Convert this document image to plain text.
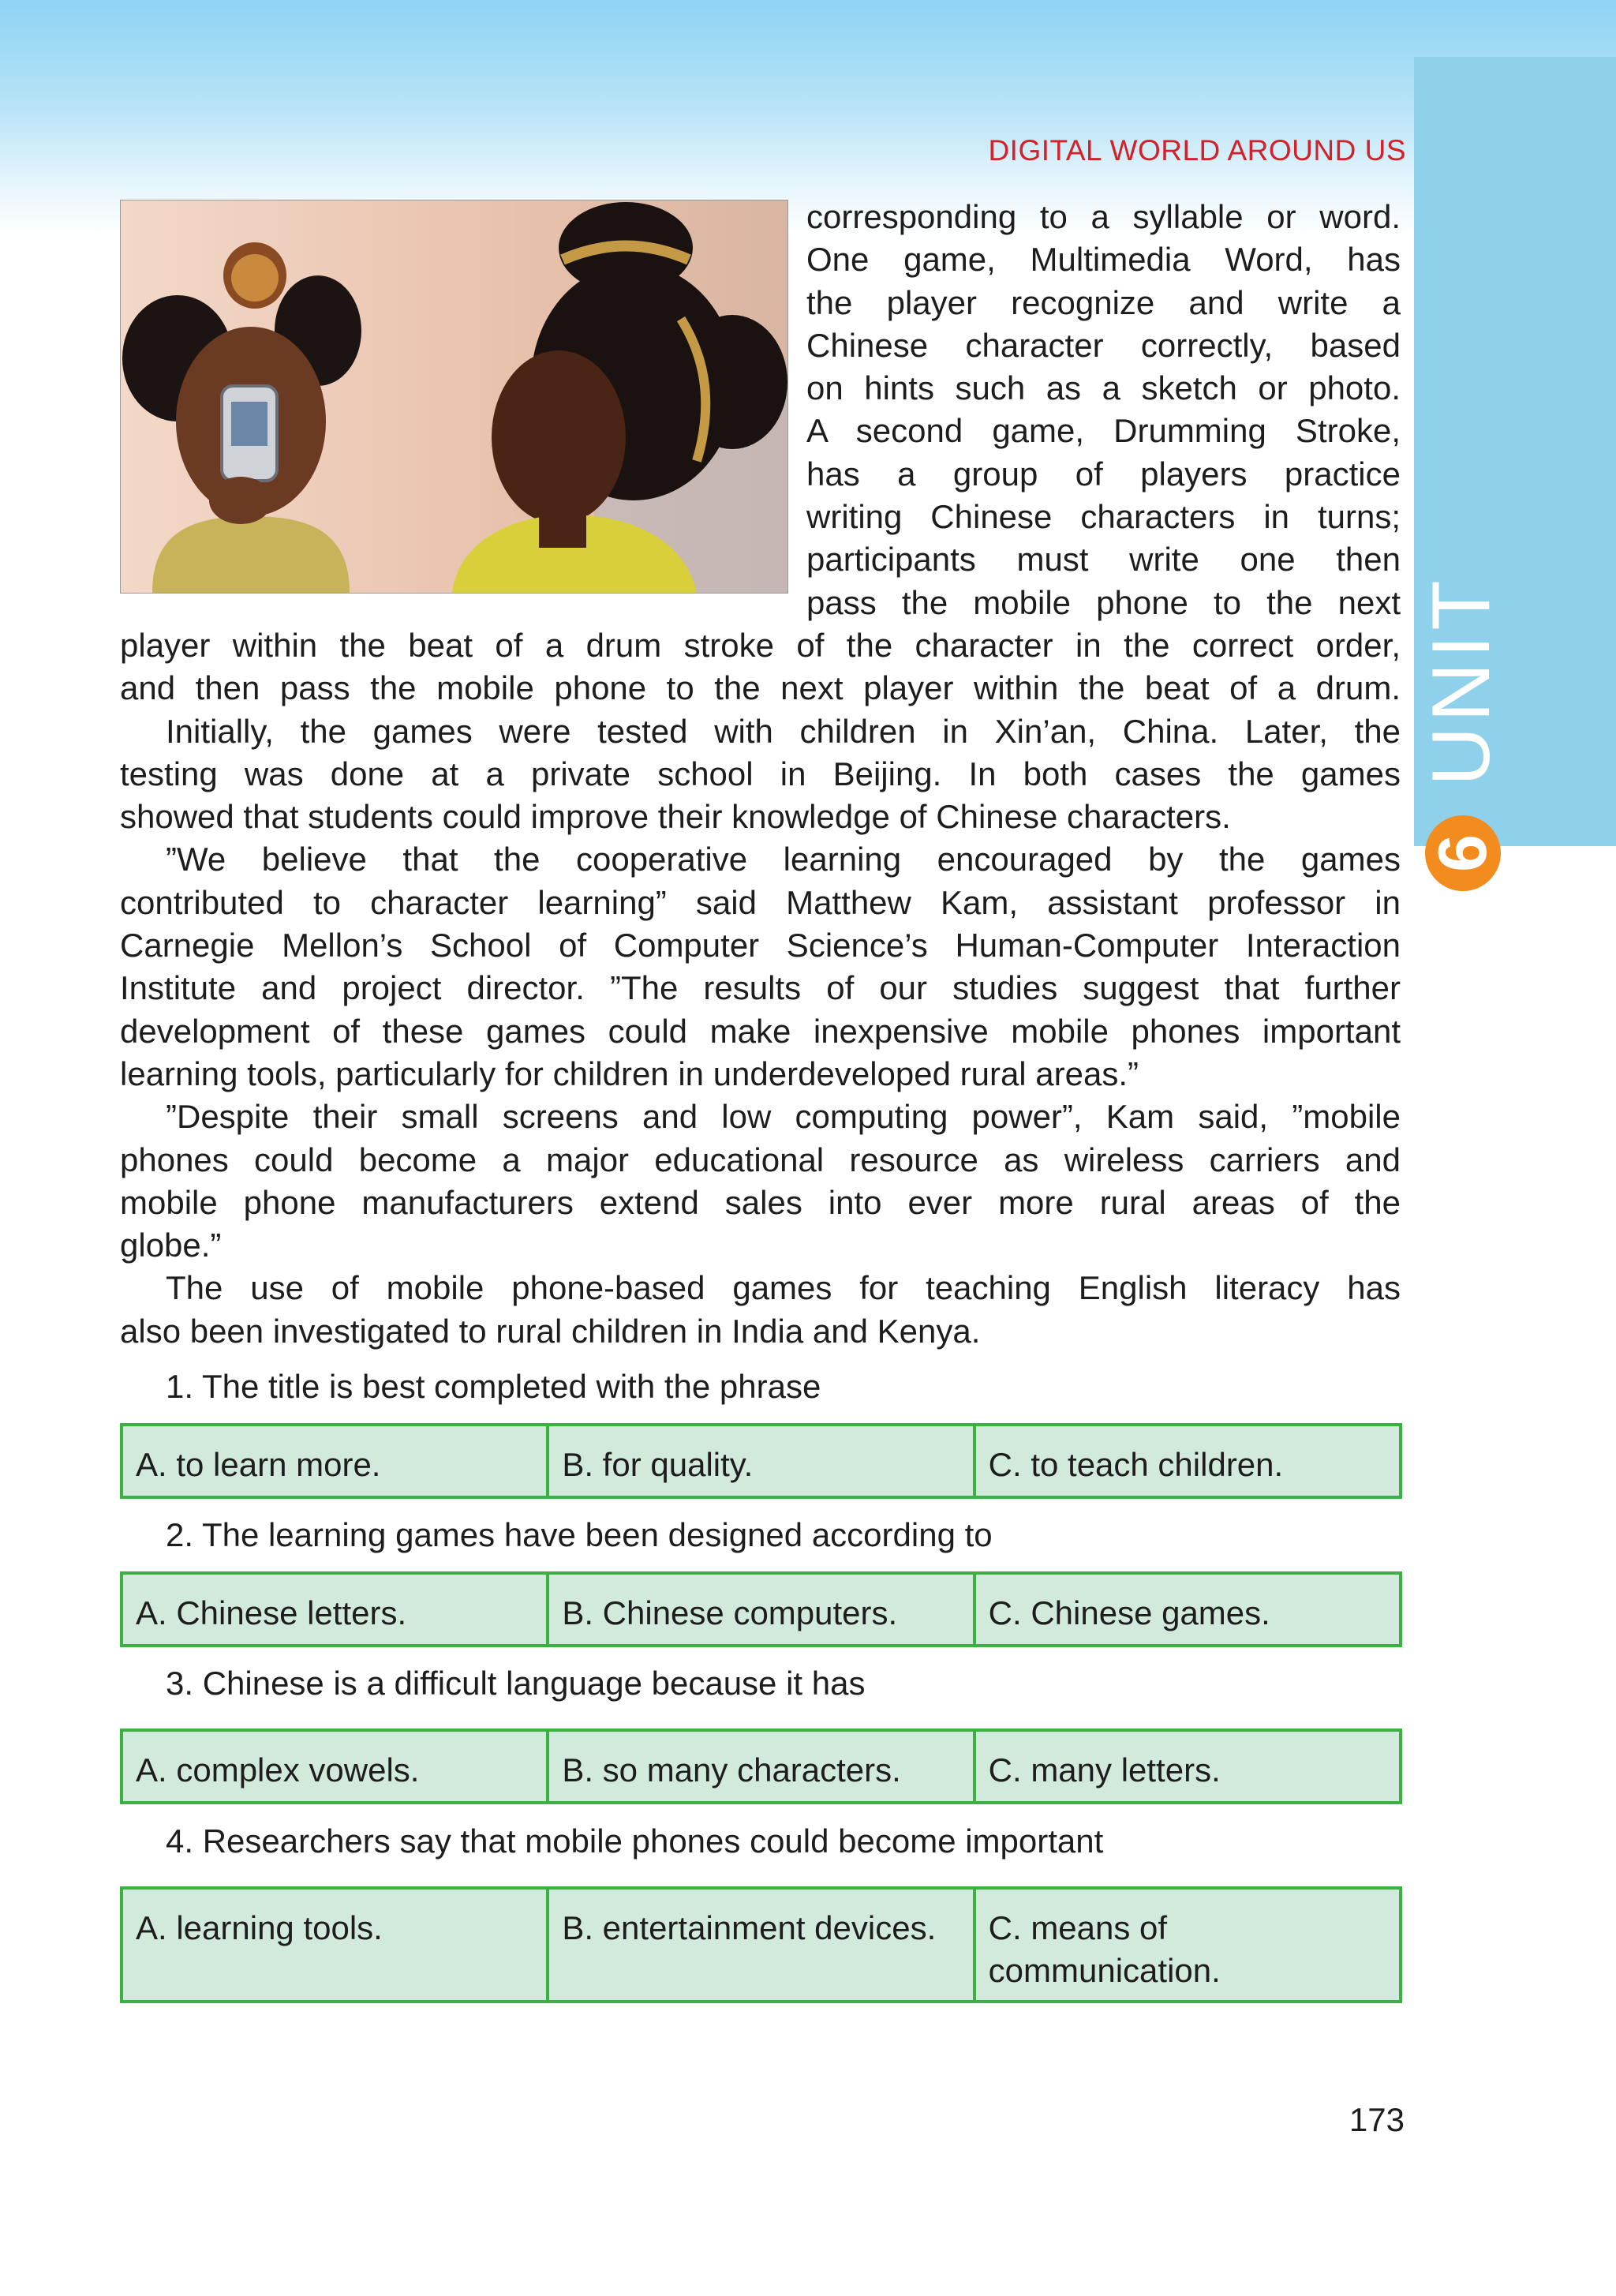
DIGITAL WORLD AROUND US
UNIT
6
corresponding to a syllable or word.
One game, Multimedia Word, has
the player recognize and write a
Chinese character correctly, based
on hints such as a sketch or photo.
A second game, Drumming Stroke,
has a group of players practice
writing Chinese characters in turns;
participants must write one then
pass the mobile phone to the next
player within the beat of a drum stroke of the character in the correct order,
and then pass the mobile phone to the next player within the beat of a drum.
Initially, the games were tested with children in Xin’an, China. Later, the
testing was done at a private school in Beijing. In both cases the games
showed that students could improve their knowledge of Chinese characters.
”We believe that the cooperative learning encouraged by the games
contributed to character learning” said Matthew Kam, assistant professor in
Carnegie Mellon’s School of Computer Science’s Human-Computer Interaction
Institute and project director. ”The results of our studies suggest that further
development of these games could make inexpensive mobile phones important
learning tools, particularly for children in underdeveloped rural areas.”
”Despite their small screens and low computing power”, Kam said, ”mobile
phones could become a major educational resource as wireless carriers and
mobile phone manufacturers extend sales into ever more rural areas of the
globe.”
The use of mobile phone-based games for teaching English literacy has
also been investigated to rural children in India and Kenya.
1. The title is best completed with the phrase
A. to learn more.	B. for quality.	C. to teach children.
2. The learning games have been designed according to
A. Chinese letters.	B. Chinese computers.	C. Chinese games.
3. Chinese is a difficult language because it has
A. complex vowels.	B. so many characters.	C. many letters.
4. Researchers say that mobile phones could become important
A. learning tools.	B. entertainment devices.	C. means of communication.
173
